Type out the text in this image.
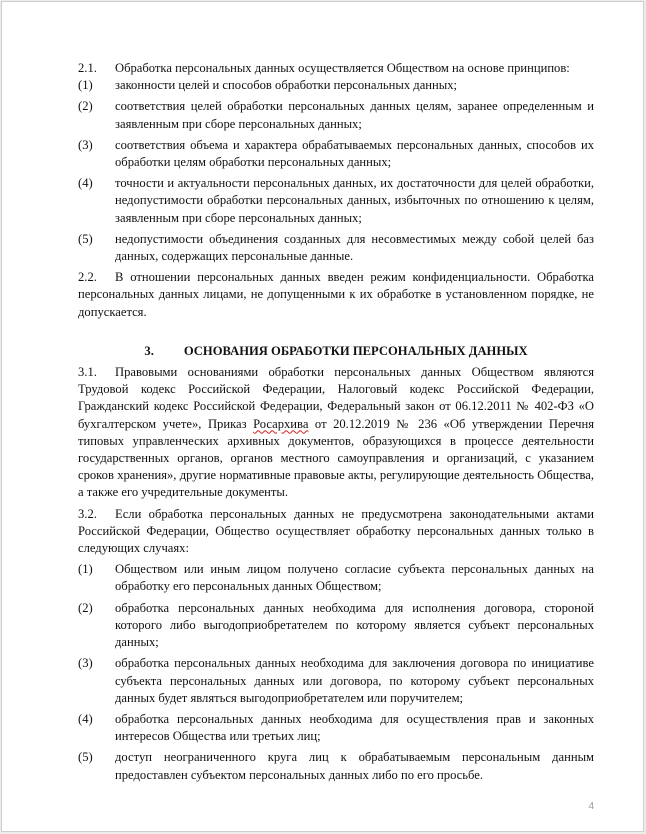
2.1.	Обработка персональных данных осуществляется Обществом на основе принципов:
(1)	законности целей и способов обработки персональных данных;
(2)	соответствия целей обработки персональных данных целям, заранее определенным и заявленным при сборе персональных данных;
(3)	соответствия объема и характера обрабатываемых персональных данных, способов их обработки целям обработки персональных данных;
(4)	точности и актуальности персональных данных, их достаточности для целей обработки, недопустимости обработки персональных данных, избыточных по отношению к целям, заявленным при сборе персональных данных;
(5)	недопустимости объединения созданных для несовместимых между собой целей баз данных, содержащих персональные данные.

2.2. В отношении персональных данных введен режим конфиденциальности. Обработка персональных данных лицами, не допущенными к их обработке в установленном порядке, не допускается.

3. ОСНОВАНИЯ ОБРАБОТКИ ПЕРСОНАЛЬНЫХ ДАННЫХ

3.1. Правовыми основаниями обработки персональных данных Обществом являются Трудовой кодекс Российской Федерации, Налоговый кодекс Российской Федерации, Гражданский кодекс Российской Федерации, Федеральный закон от 06.12.2011 № 402-ФЗ «О бухгалтерском учете», Приказ Росархива от 20.12.2019 № 236 «Об утверждении Перечня типовых управленческих архивных документов, образующихся в процессе деятельности государственных органов, органов местного самоуправления и организаций, с указанием сроков хранения», другие нормативные правовые акты, регулирующие деятельность Общества, а также его учредительные документы.

3.2. Если обработка персональных данных не предусмотрена законодательными актами Российской Федерации, Общество осуществляет обработку персональных данных только в следующих случаях:

(1)	Обществом или иным лицом получено согласие субъекта персональных данных на обработку его персональных данных Обществом;
(2)	обработка персональных данных необходима для исполнения договора, стороной которого либо выгодоприобретателем по которому является субъект персональных данных;
(3)	обработка персональных данных необходима для заключения договора по инициативе субъекта персональных данных или договора, по которому субъект персональных данных будет являться выгодоприобретателем или поручителем;
(4)	обработка персональных данных необходима для осуществления прав и законных интересов Общества или третьих лиц;
(5)	доступ неограниченного круга лиц к обрабатываемым персональным данным предоставлен субъектом персональных данных либо по его просьбе.
4
